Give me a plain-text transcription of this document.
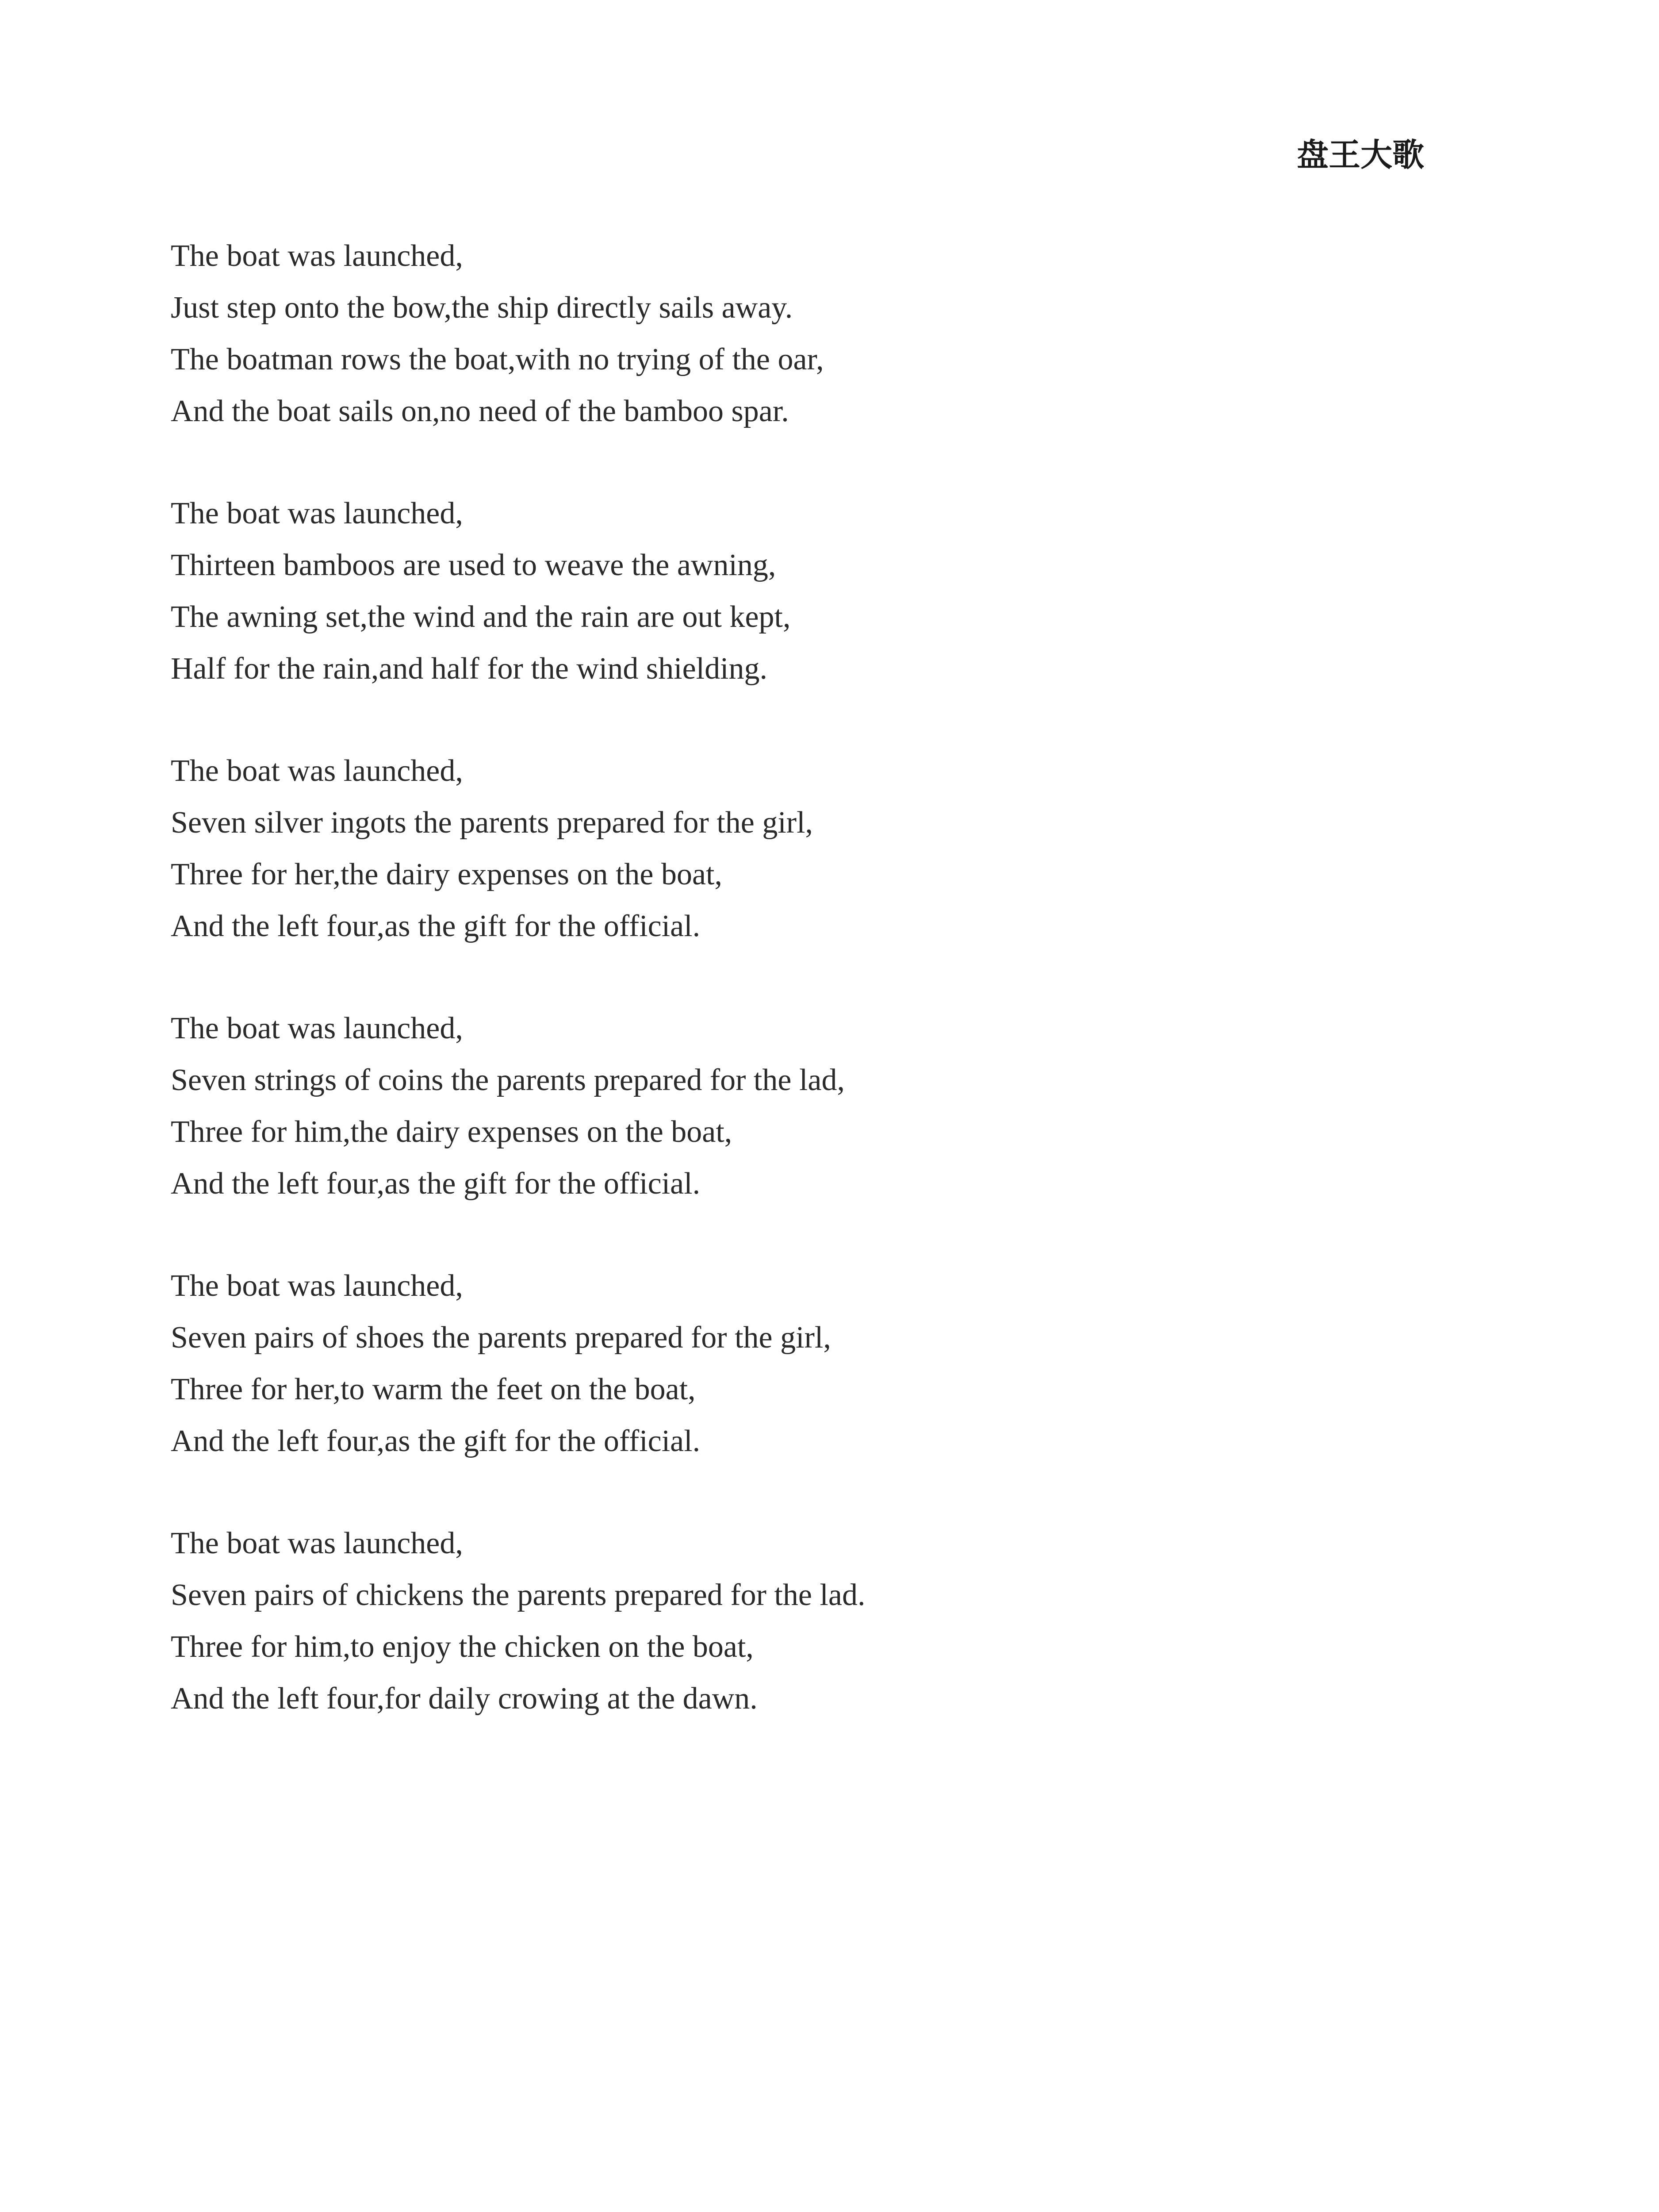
盘王大歌
The boat was launched,
Just step onto the bow,the ship directly sails away.
The boatman rows the boat,with no trying of the oar,
And the boat sails on,no need of the bamboo spar.
The boat was launched,
Thirteen bamboos are used to weave the awning,
The awning set,the wind and the rain are out kept,
Half for the rain,and half for the wind shielding.
The boat was launched,
Seven silver ingots the parents prepared for the girl,
Three for her,the dairy expenses on the boat,
And the left four,as the gift for the official.
The boat was launched,
Seven strings of coins the parents prepared for the lad,
Three for him,the dairy expenses on the boat,
And the left four,as the gift for the official.
The boat was launched,
Seven pairs of shoes the parents prepared for the girl,
Three for her,to warm the feet on the boat,
And the left four,as the gift for the official.
The boat was launched,
Seven pairs of chickens the parents prepared for the lad.
Three for him,to enjoy the chicken on the boat,
And the left four,for daily crowing at the dawn.
